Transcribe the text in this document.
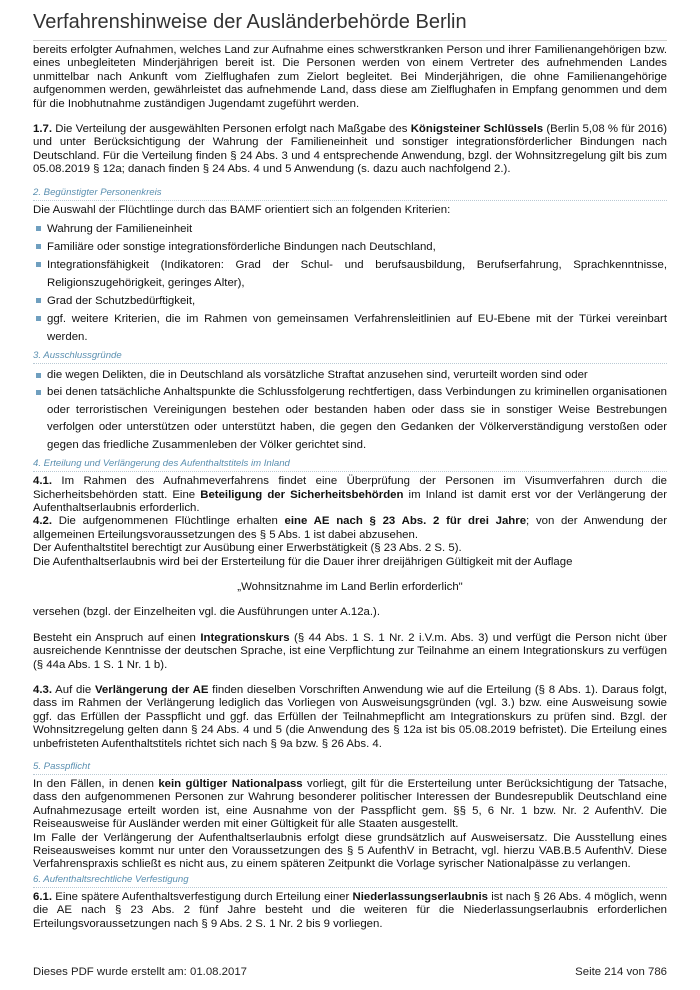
Verfahrenshinweise der Ausländerbehörde Berlin

bereits erfolgter Aufnahmen, welches Land zur Aufnahme eines schwerstkranken Person und ihrer Familienangehörigen bzw. eines unbegleiteten Minderjährigen bereit ist. Die Personen werden von einem Vertreter des aufnehmenden Landes unmittelbar nach Ankunft vom Zielflughafen zum Zielort begleitet. Bei Minderjährigen, die ohne Familienangehörige aufgenommen werden, gewährleistet das aufnehmende Land, dass diese am Zielflughafen in Empfang genommen und dem für die Inobhutnahme zuständigen Jugendamt zugeführt werden.

1.7. Die Verteilung der ausgewählten Personen erfolgt nach Maßgabe des Königsteiner Schlüssels (Berlin 5,08 % für 2016) und unter Berücksichtigung der Wahrung der Familieneinheit und sonstiger integrationsförderlicher Bindungen nach Deutschland. Für die Verteilung finden § 24 Abs. 3 und 4 entsprechende Anwendung, bzgl. der Wohnsitzregelung gilt bis zum 05.08.2019 § 12a; danach finden § 24 Abs. 4 und 5 Anwendung (s. dazu auch nachfolgend 2.).

2. Begünstigter Personenkreis

Die Auswahl der Flüchtlinge durch das BAMF orientiert sich an folgenden Kriterien:

Wahrung der Familieneinheit
Familiäre oder sonstige integrationsförderliche Bindungen nach Deutschland,
Integrationsfähigkeit (Indikatoren: Grad der Schul- und berufsausbildung, Berufserfahrung, Sprachkenntnisse, Religionszugehörigkeit, geringes Alter),
Grad der Schutzbedürftigkeit,
ggf. weitere Kriterien, die im Rahmen von gemeinsamen Verfahrensleitlinien auf EU-Ebene mit der Türkei vereinbart werden.
3. Ausschlussgründe
die wegen Delikten, die in Deutschland als vorsätzliche Straftat anzusehen sind, verurteilt worden sind oder
bei denen tatsächliche Anhaltspunkte die Schlussfolgerung rechtfertigen, dass Verbindungen zu kriminellen organisationen oder terroristischen Vereinigungen bestehen oder bestanden haben oder dass sie in sonstiger Weise Bestrebungen verfolgen oder unterstützen oder unterstützt haben, die gegen den Gedanken der Völkerverständigung verstoßen oder gegen das friedliche Zusammenleben der Völker gerichtet sind.
4. Erteilung und Verlängerung des Aufenthaltstitels im Inland

4.1. Im Rahmen des Aufnahmeverfahrens findet eine Überprüfung der Personen im Visumverfahren durch die Sicherheitsbehörden statt. Eine Beteiligung der Sicherheitsbehörden im Inland ist damit erst vor der Verlängerung der Aufenthaltserlaubnis erforderlich.

4.2. Die aufgenommenen Flüchtlinge erhalten eine AE nach § 23 Abs. 2 für drei Jahre; von der Anwendung der allgemeinen Erteilungsvoraussetzungen des § 5 Abs. 1 ist dabei abzusehen.

Der Aufenthaltstitel berechtigt zur Ausübung einer Erwerbstätigkeit (§ 23 Abs. 2 S. 5).

Die Aufenthaltserlaubnis wird bei der Ersterteilung für die Dauer ihrer dreijährigen Gültigkeit mit der Auflage

„Wohnsitznahme im Land Berlin erforderlich"

versehen (bzgl. der Einzelheiten vgl. die Ausführungen unter A.12a.).

Besteht ein Anspruch auf einen Integrationskurs (§ 44 Abs. 1 S. 1 Nr. 2 i.V.m. Abs. 3) und verfügt die Person nicht über ausreichende Kenntnisse der deutschen Sprache, ist eine Verpflichtung zur Teilnahme an einem Integrationskurs zu verfügen (§ 44a Abs. 1 S. 1 Nr. 1 b).

4.3. Auf die Verlängerung der AE finden dieselben Vorschriften Anwendung wie auf die Erteilung (§ 8 Abs. 1). Daraus folgt, dass im Rahmen der Verlängerung lediglich das Vorliegen von Ausweisungsgründen (vgl. 3.) bzw. eine Ausweisung sowie ggf. das Erfüllen der Passpflicht und ggf. das Erfüllen der Teilnahmepflicht am Integrationskurs zu prüfen sind. Bzgl. der Wohnsitzregelung gelten dann § 24 Abs. 4 und 5 (die Anwendung des § 12a ist bis 05.08.2019 befristet). Die Erteilung eines unbefristeten Aufenthaltstitels richtet sich nach § 9a bzw. § 26 Abs. 4.

5. Passpflicht

In den Fällen, in denen kein gültiger Nationalpass vorliegt, gilt für die Ersterteilung unter Berücksichtigung der Tatsache, dass den aufgenommenen Personen zur Wahrung besonderer politischer Interessen der Bundesrepublik Deutschland eine Aufnahmezusage erteilt worden ist, eine Ausnahme von der Passpflicht gem. §§ 5, 6 Nr. 1 bzw. Nr. 2 AufenthV. Die Reiseausweise für Ausländer werden mit einer Gültigkeit für alle Staaten ausgestellt.

Im Falle der Verlängerung der Aufenthaltserlaubnis erfolgt diese grundsätzlich auf Ausweisersatz. Die Ausstellung eines Reiseausweises kommt nur unter den Voraussetzungen des § 5 AufenthV in Betracht, vgl. hierzu VAB.B.5 AufenthV. Diese Verfahrenspraxis schließt es nicht aus, zu einem späteren Zeitpunkt die Vorlage syrischer Nationalpässe zu verlangen.

6. Aufenthaltsrechtliche Verfestigung

6.1. Eine spätere Aufenthaltsverfestigung durch Erteilung einer Niederlassungserlaubnis ist nach § 26 Abs. 4 möglich, wenn die AE nach § 23 Abs. 2 fünf Jahre besteht und die weiteren für die Niederlassungserlaubnis erforderlichen Erteilungsvoraussetzungen nach § 9 Abs. 2 S. 1 Nr. 2 bis 9 vorliegen.

Dieses PDF wurde erstellt am: 01.08.2017	Seite 214 von 786
